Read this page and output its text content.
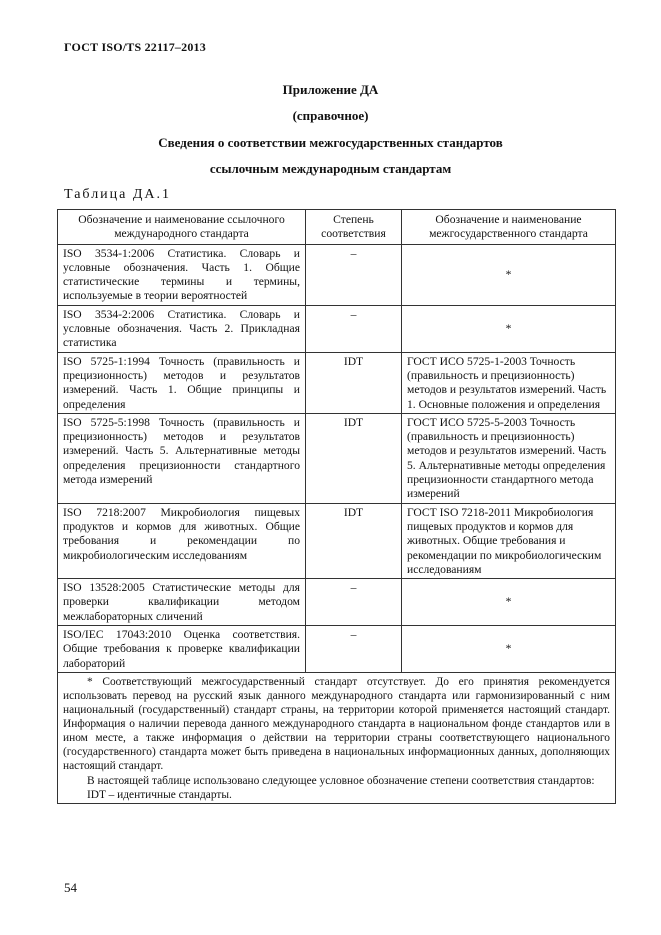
ГОСТ ISO/TS 22117–2013
Приложение ДА
(справочное)
Сведения о соответствии межгосударственных стандартов
ссылочным международным стандартам
Таблица ДА.1
Обозначение и наименование ссылочного международного стандарта	Степень соответствия	Обозначение и наименование межгосударственного стандарта
ISO 3534-1:2006 Статистика. Словарь и условные обозначения. Часть 1. Общие статистические термины и термины, используемые в теории вероятностей	–	*
ISO 3534-2:2006 Статистика. Словарь и условные обозначения. Часть 2. Прикладная статистика	–	*
ISO 5725-1:1994 Точность (правильность и прецизионность) методов и результатов измерений. Часть 1. Общие принципы и определения	IDT	ГОСТ ИСО 5725-1-2003 Точность (правильность и прецизионность) методов и результатов измерений. Часть 1. Основные положения и определения
ISO 5725-5:1998 Точность (правильность и прецизионность) методов и результатов измерений. Часть 5. Альтернативные методы определения прецизионности стандартного метода измерений	IDT	ГОСТ ИСО 5725-5-2003 Точность (правильность и прецизионность) методов и результатов измерений. Часть 5. Альтернативные методы определения прецизионности стандартного метода измерений
ISO 7218:2007 Микробиология пищевых продуктов и кормов для животных. Общие требования и рекомендации по микробиологическим исследованиям	IDT	ГОСТ ISO 7218-2011 Микробиология пищевых продуктов и кормов для животных. Общие требования и рекомендации по микробиологическим исследованиям
ISO 13528:2005 Статистические методы для проверки квалификации методом межлабораторных сличений	–	*
ISO/IEC 17043:2010 Оценка соответствия. Общие требования к проверке квалификации лабораторий	–	*

* Соответствующий межгосударственный стандарт отсутствует. До его принятия рекомендуется использовать перевод на русский язык данного международного стандарта или гармонизированный с ним национальный (государственный) стандарт страны, на территории которой применяется настоящий стандарт. Информация о наличии перевода данного международного стандарта в национальном фонде стандартов или в ином месте, а также информация о действии на территории страны соответствующего национального (государственного) стандарта может быть приведена в национальных информационных данных, дополняющих настоящий стандарт.

В настоящей таблице использовано следующее условное обозначение степени соответствия стандартов:

IDT – идентичные стандарты.		

54
